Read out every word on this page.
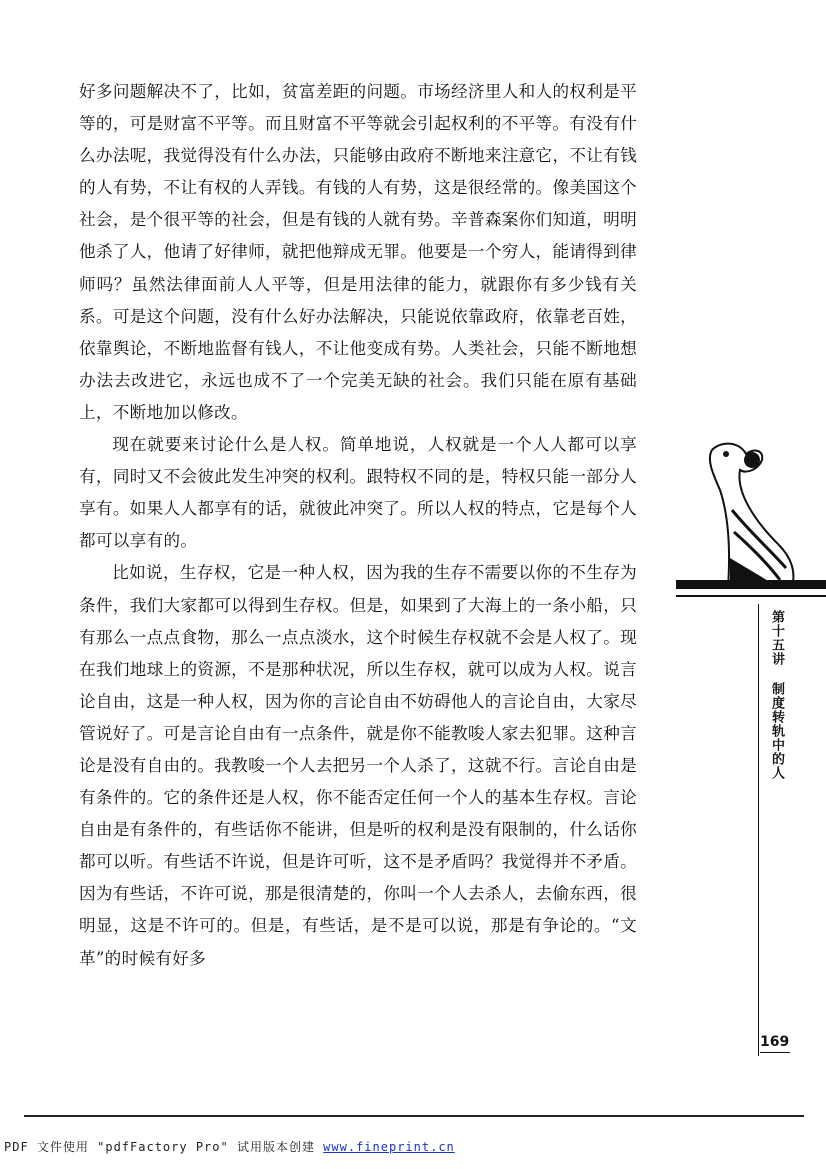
好多问题解决不了，比如，贫富差距的问题。市场经济里人和人的权利是平等的，可是财富不平等。而且财富不平等就会引起权利的不平等。有没有什么办法呢，我觉得没有什么办法，只能够由政府不断地来注意它，不让有钱的人有势，不让有权的人弄钱。有钱的人有势，这是很经常的。像美国这个社会，是个很平等的社会，但是有钱的人就有势。辛普森案你们知道，明明他杀了人，他请了好律师，就把他辩成无罪。他要是一个穷人，能请得到律师吗？虽然法律面前人人平等，但是用法律的能力，就跟你有多少钱有关系。可是这个问题，没有什么好办法解决，只能说依靠政府，依靠老百姓，依靠舆论，不断地监督有钱人，不让他变成有势。人类社会，只能不断地想办法去改进它，永远也成不了一个完美无缺的社会。我们只能在原有基础上，不断地加以修改。

现在就要来讨论什么是人权。简单地说，人权就是一个人人都可以享有，同时又不会彼此发生冲突的权利。跟特权不同的是，特权只能一部分人享有。如果人人都享有的话，就彼此冲突了。所以人权的特点，它是每个人都可以享有的。

比如说，生存权，它是一种人权，因为我的生存不需要以你的不生存为条件，我们大家都可以得到生存权。但是，如果到了大海上的一条小船，只有那么一点点食物，那么一点点淡水，这个时候生存权就不会是人权了。现在我们地球上的资源，不是那种状况，所以生存权，就可以成为人权。说言论自由，这是一种人权，因为你的言论自由不妨碍他人的言论自由，大家尽管说好了。可是言论自由有一点条件，就是你不能教唆人家去犯罪。这种言论是没有自由的。我教唆一个人去把另一个人杀了，这就不行。言论自由是有条件的。它的条件还是人权，你不能否定任何一个人的基本生存权。言论自由是有条件的，有些话你不能讲，但是听的权利是没有限制的，什么话你都可以听。有些话不许说，但是许可听，这不是矛盾吗？我觉得并不矛盾。因为有些话，不许可说，那是很清楚的，你叫一个人去杀人，去偷东西，很明显，这是不许可的。但是，有些话，是不是可以说，那是有争论的。“文革”的时候有好多

第十五讲 制度转轨中的人
169
PDF 文件使用 "pdfFactory Pro" 试用版本创建 www.fineprint.cn
